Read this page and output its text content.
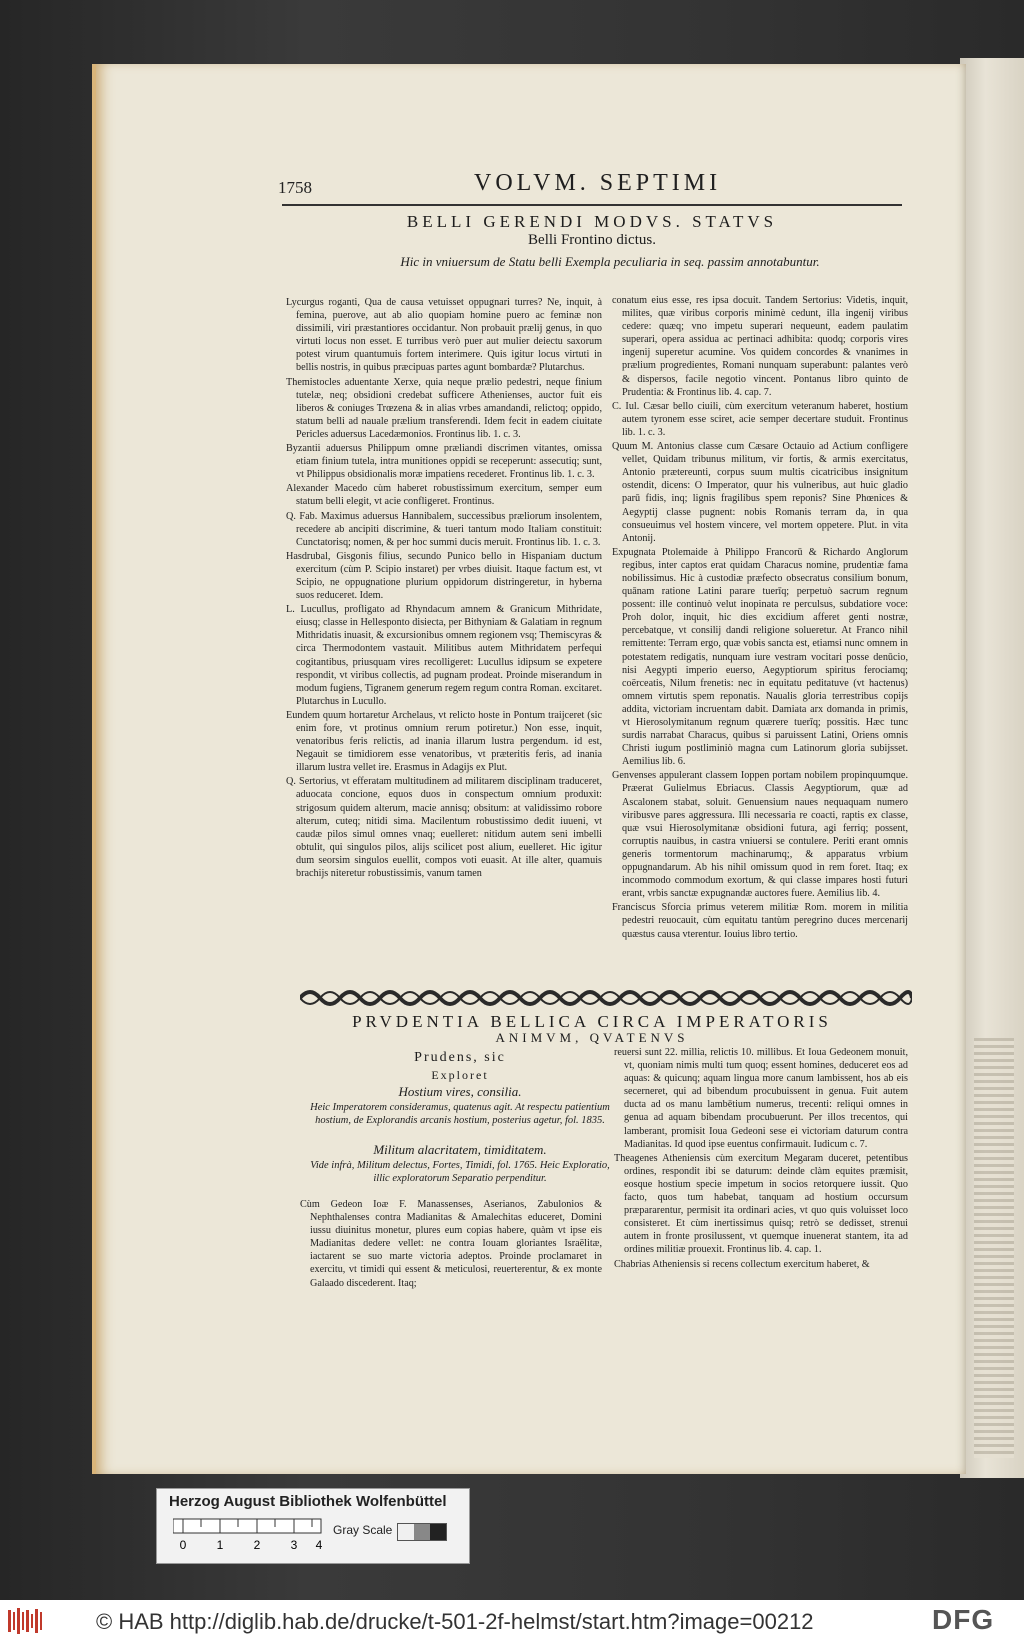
1758	VOLVM. SEPTIMI
BELLI GERENDI MODVS. STATVS
Belli Frontino dictus.
Hic in vniuersum de Statu belli Exempla peculiaria in seq. passim annotabuntur.

Lycurgus roganti, Qua de causa vetuisset oppugnari turres? Ne, inquit, à femina, puerove, aut ab alio quopiam homine puero ac feminæ non dissimili, viri præstantiores occidantur. Non probauit prælij genus, in quo virtuti locus non esset. E turribus verò puer aut mulier deiectu saxorum potest virum quantumuis fortem interimere. Quis igitur locus virtuti in bellis nostris, in quibus præcipuas partes agunt bombardæ? Plutarchus.

Themistocles aduentante Xerxe, quia neque prælio pedestri, neque finium tutelæ, neq; obsidioni credebat sufficere Athenienses, auctor fuit eis liberos & coniuges Trœzena & in alias vrbes amandandi, relictoq; oppido, statum belli ad nauale prælium transferendi. Idem fecit in eadem ciuitate Pericles aduersus Lacedæmonios. Frontinus lib. 1. c. 3.

Byzantii aduersus Philippum omne præliandi discrimen vitantes, omissa etiam finium tutela, intra munitiones oppidi se receperunt: assecutiq; sunt, vt Philippus obsidionalis moræ impatiens recederet. Frontinus lib. 1. c. 3.

Alexander Macedo cùm haberet robustissimum exercitum, semper eum statum belli elegit, vt acie confligeret. Frontinus.

Q. Fab. Maximus aduersus Hannibalem, successibus præliorum insolentem, recedere ab ancipiti discrimine, & tueri tantum modo Italiam constituit: Cunctatorisq; nomen, & per hoc summi ducis meruit. Frontinus lib. 1. c. 3.

Hasdrubal, Gisgonis filius, secundo Punico bello in Hispaniam ductum exercitum (cùm P. Scipio instaret) per vrbes diuisit. Itaque factum est, vt Scipio, ne oppugnatione plurium oppidorum distringeretur, in hyberna suos reduceret. Idem.

L. Lucullus, profligato ad Rhyndacum amnem & Granicum Mithridate, eiusq; classe in Hellesponto disiecta, per Bithyniam & Galatiam in regnum Mithridatis inuasit, & excursionibus omnem regionem vsq; Themiscyras & circa Thermodontem vastauit. Militibus autem Mithridatem perfequi cogitantibus, priusquam vires recolligeret: Lucullus idipsum se expetere respondit, vt viribus collectis, ad pugnam prodeat. Proinde miserandum in modum fugiens, Tigranem generum regem regum contra Roman. excitaret. Plutarchus in Lucullo.

Eundem quum hortaretur Archelaus, vt relicto hoste in Pontum traijceret (sic enim fore, vt protinus omnium rerum potiretur.) Non esse, inquit, venatoribus feris relictis, ad inania illarum lustra pergendum. id est, Negauit se timidiorem esse venatoribus, vt præteritis feris, ad inania illarum lustra vellet ire. Erasmus in Adagijs ex Plut.

Q. Sertorius, vt efferatam multitudinem ad militarem disciplinam traduceret, aduocata concione, equos duos in conspectum omnium produxit: strigosum quidem alterum, macie annisq; obsitum: at validissimo robore alterum, cuteq; nitidi sima. Macilentum robustissimo dedit iuueni, vt caudæ pilos simul omnes vnaq; euelleret: nitidum autem seni imbelli obtulit, qui singulos pilos, alijs scilicet post alium, euelleret. Hic igitur dum seorsim singulos euellit, compos voti euasit. At ille alter, quamuis brachijs niteretur robustissimis, vanum tamen

conatum eius esse, res ipsa docuit. Tandem Sertorius: Videtis, inquit, milites, quæ viribus corporis minimè cedunt, illa ingenij viribus cedere: quæq; vno impetu superari nequeunt, eadem paulatim superari, opera assidua ac pertinaci adhibita: quodq; corporis vires ingenij superetur acumine. Vos quidem concordes & vnanimes in prælium progredientes, Romani nunquam superabunt: palantes verò & dispersos, facile negotio vincent. Pontanus libro quinto de Prudentia: & Frontinus lib. 4. cap. 7.

C. Iul. Cæsar bello ciuili, cùm exercitum veteranum haberet, hostium autem tyronem esse sciret, acie semper decertare studuit. Frontinus lib. 1. c. 3.

Quum M. Antonius classe cum Cæsare Octauio ad Actium confligere vellet, Quidam tribunus militum, vir fortis, & armis exercitatus, Antonio prætereunti, corpus suum multis cicatricibus insignitum ostendit, dicens: O Imperator, quur his vulneribus, aut huic gladio parū fidis, inq; lignis fragilibus spem reponis? Sine Phœnices & Aegyptij classe pugnent: nobis Romanis terram da, in qua consueuimus vel hostem vincere, vel mortem oppetere. Plut. in vita Antonij.

Expugnata Ptolemaide à Philippo Francorū & Richardo Anglorum regibus, inter captos erat quidam Characus nomine, prudentiæ fama nobilissimus. Hic à custodiæ præfecto obsecratus consilium bonum, quānam ratione Latini parare tuerīq; perpetuò sacrum regnum possent: ille continuò velut inopinata re perculsus, subdatiore voce: Proh dolor, inquit, hic dies excidium afferet genti nostræ, percebatque, vt consilij dandi religione solueretur. At Franco nihil remittente: Terram ergo, quæ vobis sancta est, etiamsi nunc omnem in potestatem redigatis, nunquam iure vestram vocitari posse denūcio, nisi Aegypti imperio euerso, Aegyptiorum spiritus ferociamq; coërceatis, Nilum frenetis: nec in equitatu peditatuve (vt hactenus) omnem virtutis spem reponatis. Naualis gloria terrestribus copijs addita, victoriam incruentam dabit. Damiata arx domanda in primis, vt Hierosolymitanum regnum quærere tuerīq; possitis. Hæc tunc surdis narrabat Characus, quibus si paruissent Latini, Oriens omnis Christi iugum postliminiò magna cum Latinorum gloria subijsset. Aemilius lib. 6.

Genvenses appulerant classem Ioppen portam nobilem propinquumque. Præerat Gulielmus Ebriacus. Classis Aegyptiorum, quæ ad Ascalonem stabat, soluit. Genuensium naues nequaquam numero viribusve pares aggressura. Illi necessaria re coacti, raptis ex classe, quæ vsui Hierosolymitanæ obsidioni futura, agi ferriq; possent, corruptis nauibus, in castra vniuersi se contulere. Periti erant omnis generis tormentorum machinarumq;, & apparatus vrbium oppugnandarum. Ab his nihil omissum quod in rem foret. Itaq; ex incommodo commodum exortum, & qui classe impares hosti futuri erant, vrbis sanctæ expugnandæ auctores fuere. Aemilius lib. 4.

Franciscus Sforcia primus veterem militiæ Rom. morem in militia pedestri reuocauit, cùm equitatu tantùm peregrino duces mercenarij quæstus causa vterentur. Iouius libro tertio.

PRVDENTIA BELLICA CIRCA IMPERATORIS
ANIMVM, QVATENVS
Prudens, sic
Exploret
Hostium vires, consilia.
Heic Imperatorem consideramus, quatenus agit. At respectu patientium hostium, de Explorandis arcanis hostium, posterius agetur, fol. 1835.
Militum alacritatem, timiditatem.
Vide infrà, Militum delectus, Fortes, Timidi, fol. 1765. Heic Exploratio, illic exploratorum Separatio perpenditur.

Cùm Gedeon Ioæ F. Manassenses, Aserianos, Zabulonios & Nephthalenses contra Madianitas & Amalechitas educeret, Domini iussu diuinitus monetur, plures eum copias habere, quàm vt ipse eis Madianitas dedere vellet: ne contra Iouam gloriantes Israëlitæ, iactarent se suo marte victoria adeptos. Proinde proclamaret in exercitu, vt timidi qui essent & meticulosi, reuerterentur, & ex monte Galaado discederent. Itaq;

reuersi sunt 22. millia, relictis 10. millibus. Et Ioua Gedeonem monuit, vt, quoniam nimis multi tum quoq; essent homines, deduceret eos ad aquas: & quicunq; aquam lingua more canum lambissent, hos ab eis secerneret, qui ad bibendum procubuissent in genua. Fuit autem ducta ad os manu lambētium numerus, trecenti: reliqui omnes in genua ad aquam bibendam procubuerunt. Per illos trecentos, qui lamberant, promisit Ioua Gedeoni sese ei victoriam daturum contra Madianitas. Id quod ipse euentus confirmauit. Iudicum c. 7.

Theagenes Atheniensis cùm exercitum Megaram duceret, petentibus ordines, respondit ibi se daturum: deinde clàm equites præmisit, eosque hostium specie impetum in socios retorquere iussit. Quo facto, quos tum habebat, tanquam ad hostium occursum præpararentur, permisit ita ordinari acies, vt quo quis voluisset loco consisteret. Et cùm inertissimus quisq; retrò se dedisset, strenui autem in fronte prosilussent, vt quemque inuenerat stantem, ita ad ordines militiæ prouexit. Frontinus lib. 4. cap. 1.

Chabrias Atheniensis si recens collectum exercitum haberet, &

Herzog August Bibliothek Wolfenbüttel
0	1	2	3 4
Gray Scale
© HAB http://diglib.hab.de/drucke/t-501-2f-helmst/start.htm?image=00212	DFG
